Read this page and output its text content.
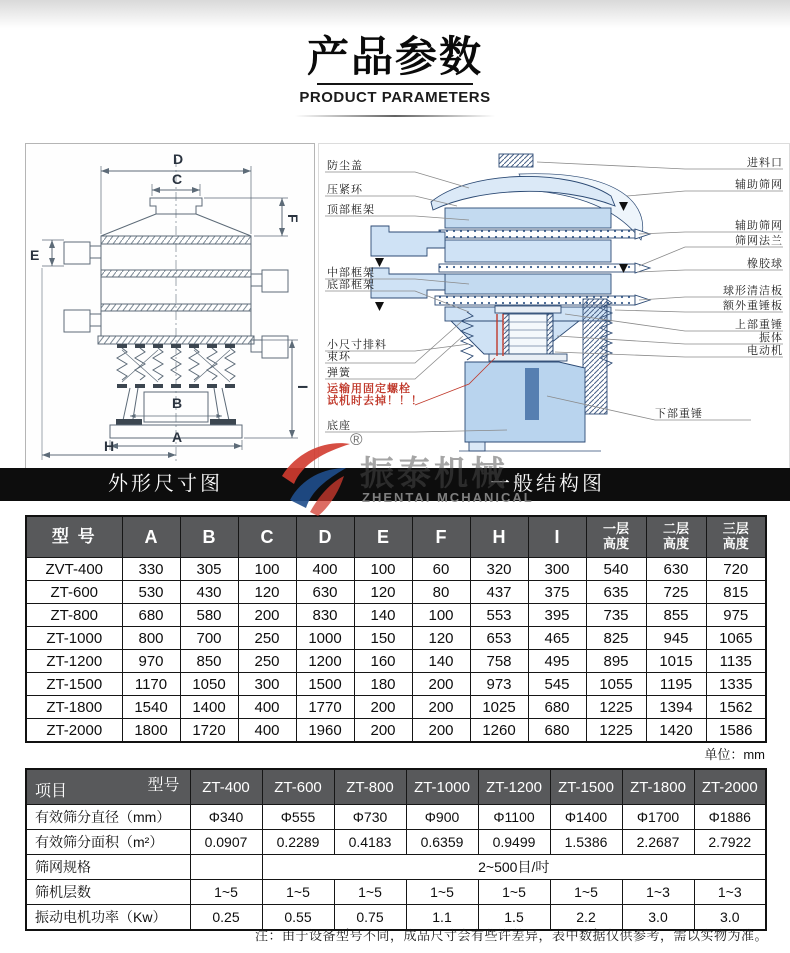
产品参数
PRODUCT PARAMETERS
D
C
F
E
B
A
H
I
防尘盖
压紧环
顶部框架
中部框架
底部框架
小尺寸排料
束环
弹簧
运输用固定螺栓
试机时去掉！！！
底座
进料口
辅助筛网
辅助筛网
筛网法兰
橡胶球
球形清洁板
额外重锤板
上部重锤
振体
电动机
下部重锤
外形尺寸图	一般结构图
®
振泰机械
ZHENTAI MCHANICAL
型 号	A	B	C	D	E	F	H	I	一层高度	二层高度	三层高度
ZVT-400	330	305	100	400	100	60	320	300	540	630	720
ZT-600	530	430	120	630	120	80	437	375	635	725	815
ZT-800	680	580	200	830	140	100	553	395	735	855	975
ZT-1000	800	700	250	1000	150	120	653	465	825	945	1065
ZT-1200	970	850	250	1200	160	140	758	495	895	1015	1135
ZT-1500	1170	1050	300	1500	180	200	973	545	1055	1195	1335
ZT-1800	1540	1400	400	1770	200	200	1025	680	1225	1394	1562
ZT-2000	1800	1720	400	1960	200	200	1260	680	1225	1420	1586
单位：mm
型号
项目	ZT-400	ZT-600	ZT-800	ZT-1000	ZT-1200	ZT-1500	ZT-1800	ZT-2000
有效筛分直径（mm）	Φ340	Φ555	Φ730	Φ900	Φ1100	Φ1400	Φ1700	Φ1886
有效筛分面积（m²）	0.0907	0.2289	0.4183	0.6359	0.9499	1.5386	2.2687	2.7922
筛网规格		2~500目/吋						
筛机层数	1~5	1~5	1~5	1~5	1~5	1~5	1~3	1~3
振动电机功率（Kw）	0.25	0.55	0.75	1.1	1.5	2.2	3.0	3.0
注：由于设备型号不同，成品尺寸会有些许差异，表中数据仅供参考，需以实物为准。
